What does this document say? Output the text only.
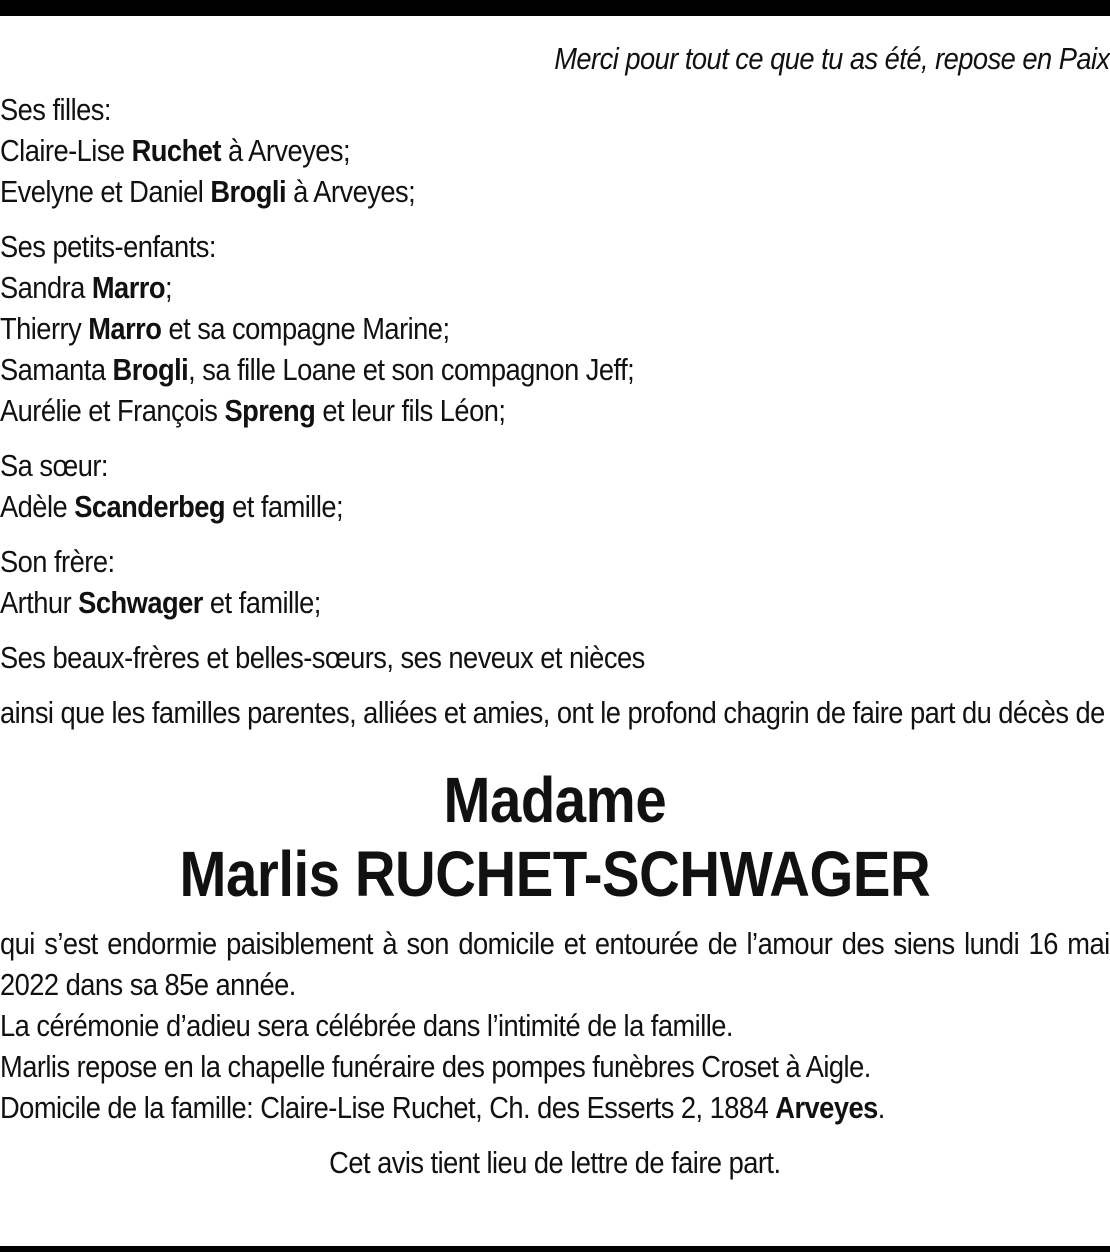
Merci pour tout ce que tu as été, repose en Paix
Ses filles:
Claire-Lise Ruchet à Arveyes;
Evelyne et Daniel Brogli à Arveyes;
Ses petits-enfants:
Sandra Marro;
Thierry Marro et sa compagne Marine;
Samanta Brogli, sa fille Loane et son compagnon Jeff;
Aurélie et François Spreng et leur fils Léon;
Sa sœur:
Adèle Scanderbeg et famille;
Son frère:
Arthur Schwager et famille;
Ses beaux-frères et belles-sœurs, ses neveux et nièces
ainsi que les familles parentes, alliées et amies, ont le profond chagrin de faire part du décès de
Madame
Marlis RUCHET-SCHWAGER
qui s’est endormie paisiblement à son domicile et entourée de l’amour des siens lundi 16 mai 2022 dans sa 85e année.
La cérémonie d’adieu sera célébrée dans l’intimité de la famille.
Marlis repose en la chapelle funéraire des pompes funèbres Croset à Aigle.
Domicile de la famille: Claire-Lise Ruchet, Ch. des Esserts 2, 1884 Arveyes.
Cet avis tient lieu de lettre de faire part.
